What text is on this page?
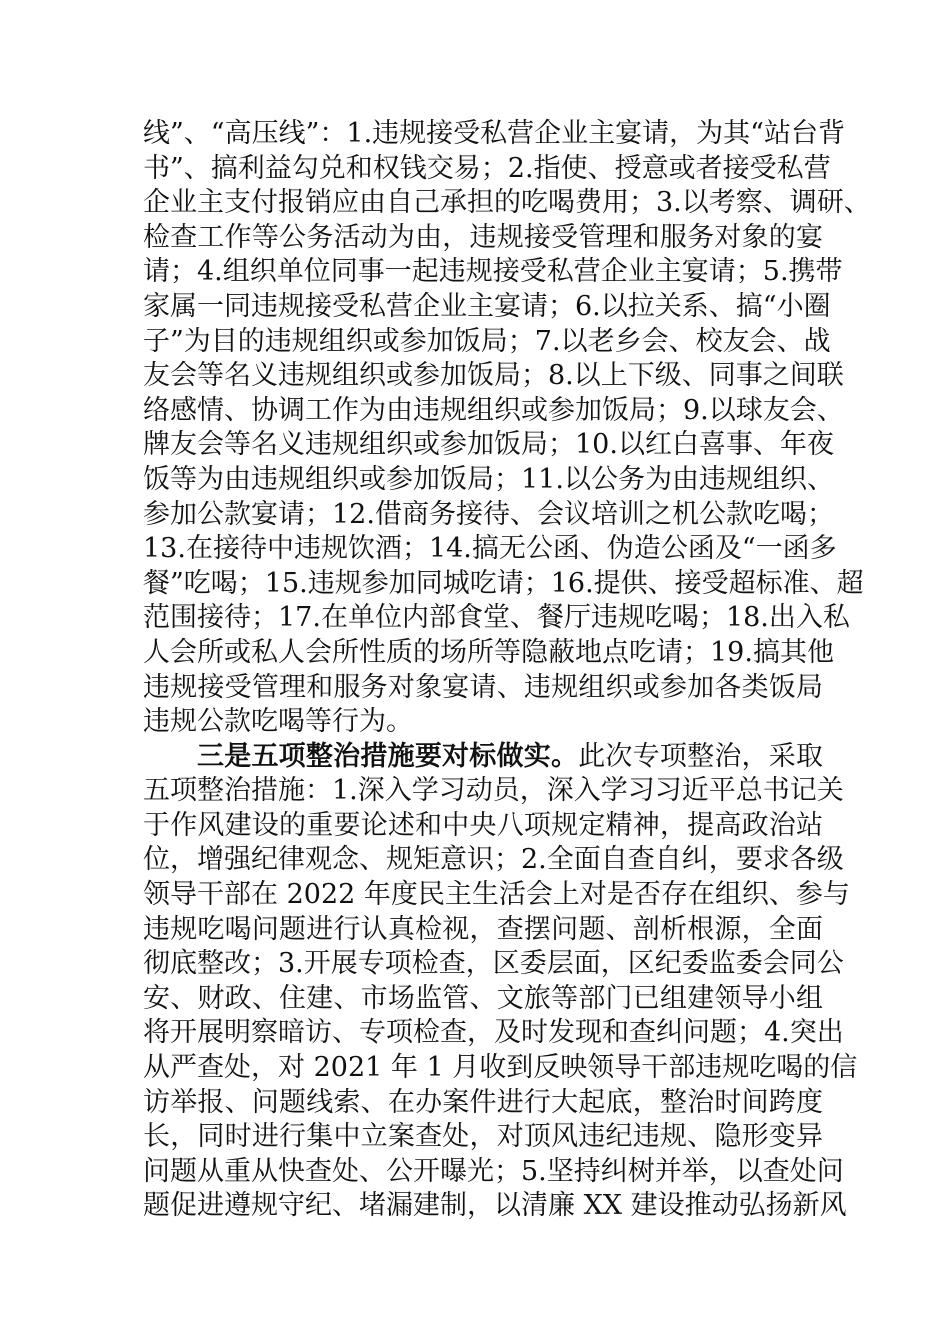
线”、“高压线”：1.违规接受私营企业主宴请，为其“站台背
书”、搞利益勾兑和权钱交易；2.指使、授意或者接受私营
企业主支付报销应由自己承担的吃喝费用；3.以考察、调研、
检查工作等公务活动为由，违规接受管理和服务对象的宴
请；4.组织单位同事一起违规接受私营企业主宴请；5.携带
家属一同违规接受私营企业主宴请；6.以拉关系、搞“小圈
子”为目的违规组织或参加饭局；7.以老乡会、校友会、战
友会等名义违规组织或参加饭局；8.以上下级、同事之间联
络感情、协调工作为由违规组织或参加饭局；9.以球友会、
牌友会等名义违规组织或参加饭局；10.以红白喜事、年夜
饭等为由违规组织或参加饭局；11.以公务为由违规组织、
参加公款宴请；12.借商务接待、会议培训之机公款吃喝；
13.在接待中违规饮酒；14.搞无公函、伪造公函及“一函多
餐”吃喝；15.违规参加同城吃请；16.提供、接受超标准、超
范围接待；17.在单位内部食堂、餐厅违规吃喝；18.出入私
人会所或私人会所性质的场所等隐蔽地点吃请；19.搞其他
违规接受管理和服务对象宴请、违规组织或参加各类饭局
违规公款吃喝等行为。
三是五项整治措施要对标做实。此次专项整治，采取
五项整治措施：1.深入学习动员，深入学习习近平总书记关
于作风建设的重要论述和中央八项规定精神，提高政治站
位，增强纪律观念、规矩意识；2.全面自查自纠，要求各级
领导干部在 2022 年度民主生活会上对是否存在组织、参与
违规吃喝问题进行认真检视，查摆问题、剖析根源，全面
彻底整改；3.开展专项检查，区委层面，区纪委监委会同公
安、财政、住建、市场监管、文旅等部门已组建领导小组
将开展明察暗访、专项检查，及时发现和查纠问题；4.突出
从严查处，对 2021 年 1 月收到反映领导干部违规吃喝的信
访举报、问题线索、在办案件进行大起底，整治时间跨度
长，同时进行集中立案查处，对顶风违纪违规、隐形变异
问题从重从快查处、公开曝光；5.坚持纠树并举，以查处问
题促进遵规守纪、堵漏建制，以清廉 XX 建设推动弘扬新风
